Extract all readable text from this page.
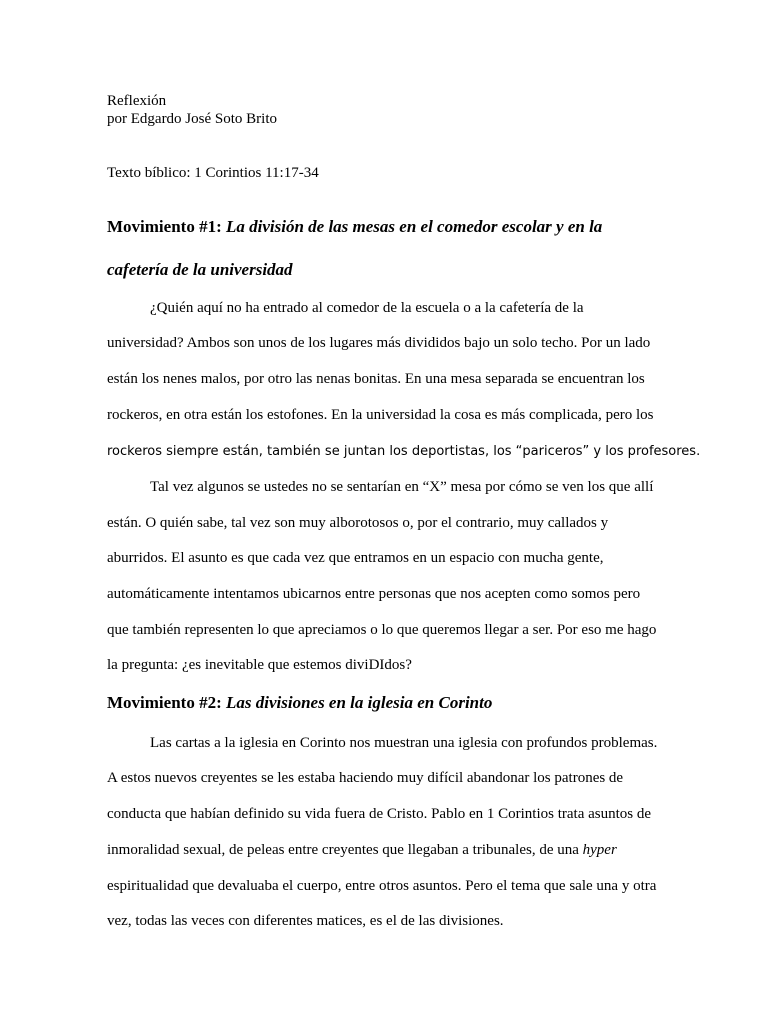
Reflexión
por Edgardo José Soto Brito
Texto bíblico: 1 Corintios 11:17-34
Movimiento #1: La división de las mesas en el comedor escolar y en la
cafetería de la universidad
¿Quién aquí no ha entrado al comedor de la escuela o a la cafetería de la
universidad? Ambos son unos de los lugares más divididos bajo un solo techo. Por un lado
están los nenes malos, por otro las nenas bonitas. En una mesa separada se encuentran los
rockeros, en otra están los estofones. En la universidad la cosa es más complicada, pero los
rockeros siempre están, también se juntan los deportistas, los “pariceros” y los profesores.
Tal vez algunos se ustedes no se sentarían en “X” mesa por cómo se ven los que allí
están. O quién sabe, tal vez son muy alborotosos o, por el contrario, muy callados y
aburridos. El asunto es que cada vez que entramos en un espacio con mucha gente,
automáticamente intentamos ubicarnos entre personas que nos acepten como somos pero
que también representen lo que apreciamos o lo que queremos llegar a ser. Por eso me hago
la pregunta: ¿es inevitable que estemos diviDIdos?
Movimiento #2: Las divisiones en la iglesia en Corinto
Las cartas a la iglesia en Corinto nos muestran una iglesia con profundos problemas.
A estos nuevos creyentes se les estaba haciendo muy difícil abandonar los patrones de
conducta que habían definido su vida fuera de Cristo. Pablo en 1 Corintios trata asuntos de
inmoralidad sexual, de peleas entre creyentes que llegaban a tribunales, de una hyper
espiritualidad que devaluaba el cuerpo, entre otros asuntos. Pero el tema que sale una y otra
vez, todas las veces con diferentes matices, es el de las divisiones.
